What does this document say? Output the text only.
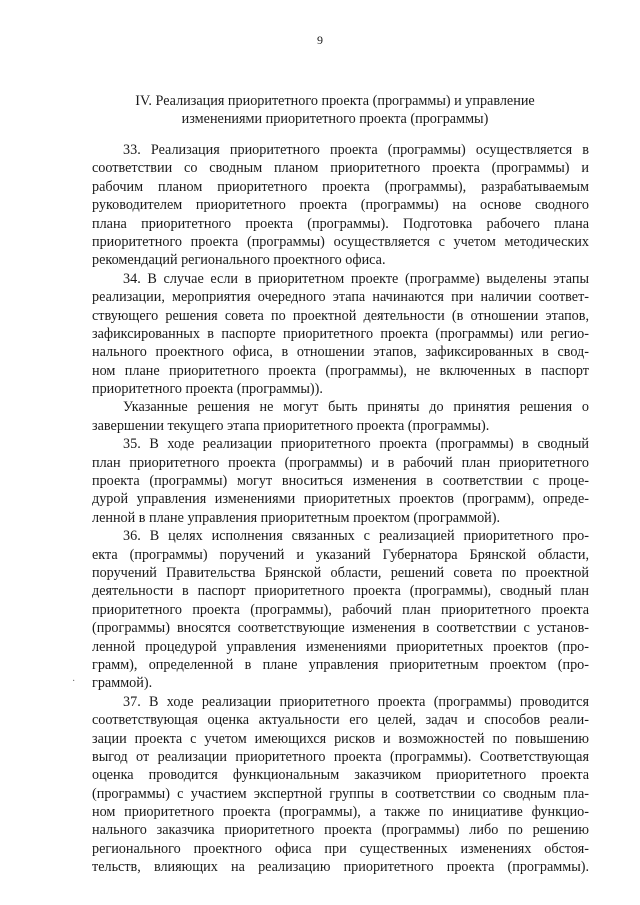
9
IV. Реализация приоритетного проекта (программы) и управление
изменениями приоритетного проекта (программы)
·
33. Реализация приоритетного проекта (программы) осуществляется в
соответствии со сводным планом приоритетного проекта (программы) и
рабочим планом приоритетного проекта (программы), разрабатываемым
руководителем приоритетного проекта (программы) на основе сводного
плана приоритетного проекта (программы). Подготовка рабочего плана
приоритетного проекта (программы) осуществляется с учетом методических
рекомендаций регионального проектного офиса.
34. В случае если в приоритетном проекте (программе) выделены этапы
реализации, мероприятия очередного этапа начинаются при наличии соответ-
ствующего решения совета по проектной деятельности (в отношении этапов,
зафиксированных в паспорте приоритетного проекта (программы) или регио-
нального проектного офиса, в отношении этапов, зафиксированных в свод-
ном плане приоритетного проекта (программы), не включенных в паспорт
приоритетного проекта (программы)).
Указанные решения не могут быть приняты до принятия решения о
завершении текущего этапа приоритетного проекта (программы).
35. В ходе реализации приоритетного проекта (программы) в сводный
план приоритетного проекта (программы) и в рабочий план приоритетного
проекта (программы) могут вноситься изменения в соответствии с проце-
дурой управления изменениями приоритетных проектов (программ), опреде-
ленной в плане управления приоритетным проектом (программой).
36. В целях исполнения связанных с реализацией приоритетного про-
екта (программы) поручений и указаний Губернатора Брянской области,
поручений Правительства Брянской области, решений совета по проектной
деятельности в паспорт приоритетного проекта (программы), сводный план
приоритетного проекта (программы), рабочий план приоритетного проекта
(программы) вносятся соответствующие изменения в соответствии с установ-
ленной процедурой управления изменениями приоритетных проектов (про-
грамм), определенной в плане управления приоритетным проектом (про-
граммой).
37. В ходе реализации приоритетного проекта (программы) проводится
соответствующая оценка актуальности его целей, задач и способов реали-
зации проекта с учетом имеющихся рисков и возможностей по повышению
выгод от реализации приоритетного проекта (программы). Соответствующая
оценка проводится функциональным заказчиком приоритетного проекта
(программы) с участием экспертной группы в соответствии со сводным пла-
ном приоритетного проекта (программы), а также по инициативе функцио-
нального заказчика приоритетного проекта (программы) либо по решению
регионального проектного офиса при существенных изменениях обстоя-
тельств, влияющих на реализацию приоритетного проекта (программы).
